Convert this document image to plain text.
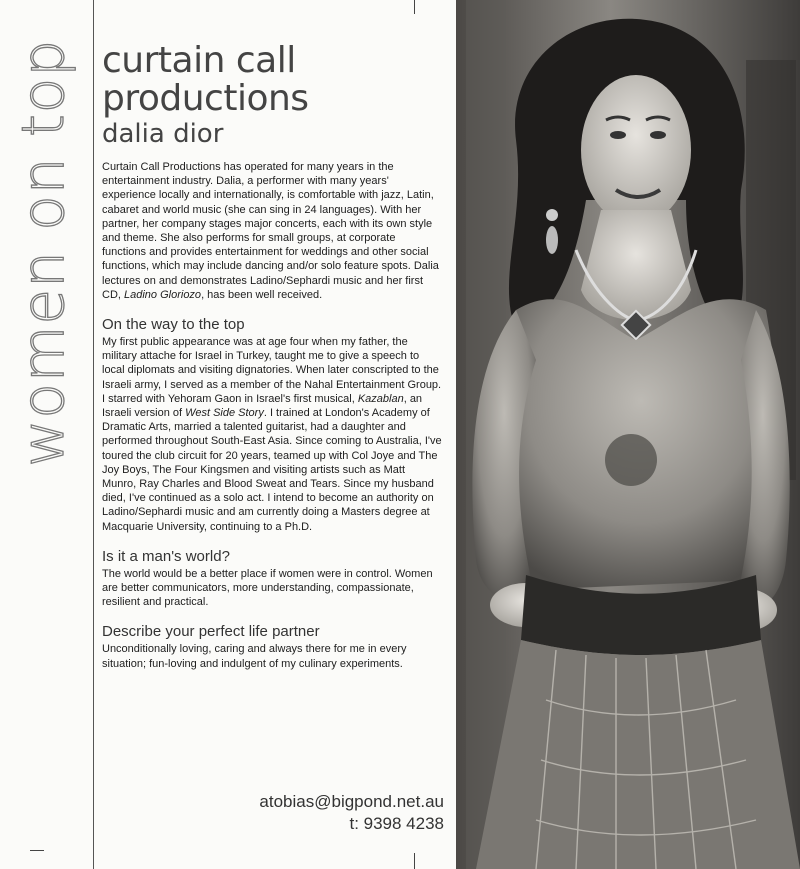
women on top curtain call
productions
dalia dior

Curtain Call Productions has operated for many years in the entertainment industry. Dalia, a performer with many years' experience locally and internationally, is comfortable with jazz, Latin, cabaret and world music (she can sing in 24 languages). With her partner, her company stages major concerts, each with its own style and theme. She also performs for small groups, at corporate functions and provides entertainment for weddings and other social functions, which may include dancing and/or solo feature spots. Dalia lectures on and demonstrates Ladino/Sephardi music and her first CD, Ladino Gloriozo, has been well received.

On the way to the top

My first public appearance was at age four when my father, the military attache for Israel in Turkey, taught me to give a speech to local diplomats and visiting dignatories. When later conscripted to the Israeli army, I served as a member of the Nahal Entertainment Group. I starred with Yehoram Gaon in Israel's first musical, Kazablan, an Israeli version of West Side Story. I trained at London's Academy of Dramatic Arts, married a talented guitarist, had a daughter and performed throughout South-East Asia. Since coming to Australia, I've toured the club circuit for 20 years, teamed up with Col Joye and The Joy Boys, The Four Kingsmen and visiting artists such as Matt Munro, Ray Charles and Blood Sweat and Tears. Since my husband died, I've continued as a solo act. I intend to become an authority on Ladino/Sephardi music and am currently doing a Masters degree at Macquarie University, continuing to a Ph.D.

Is it a man's world?

The world would be a better place if women were in control. Women are better communicators, more understanding, compassionate, resilient and practical.

Describe your perfect life partner

Unconditionally loving, caring and always there for me in every situation; fun-loving and indulgent of my culinary experiments.

atobias@bigpond.net.au
t: 9398 4238
